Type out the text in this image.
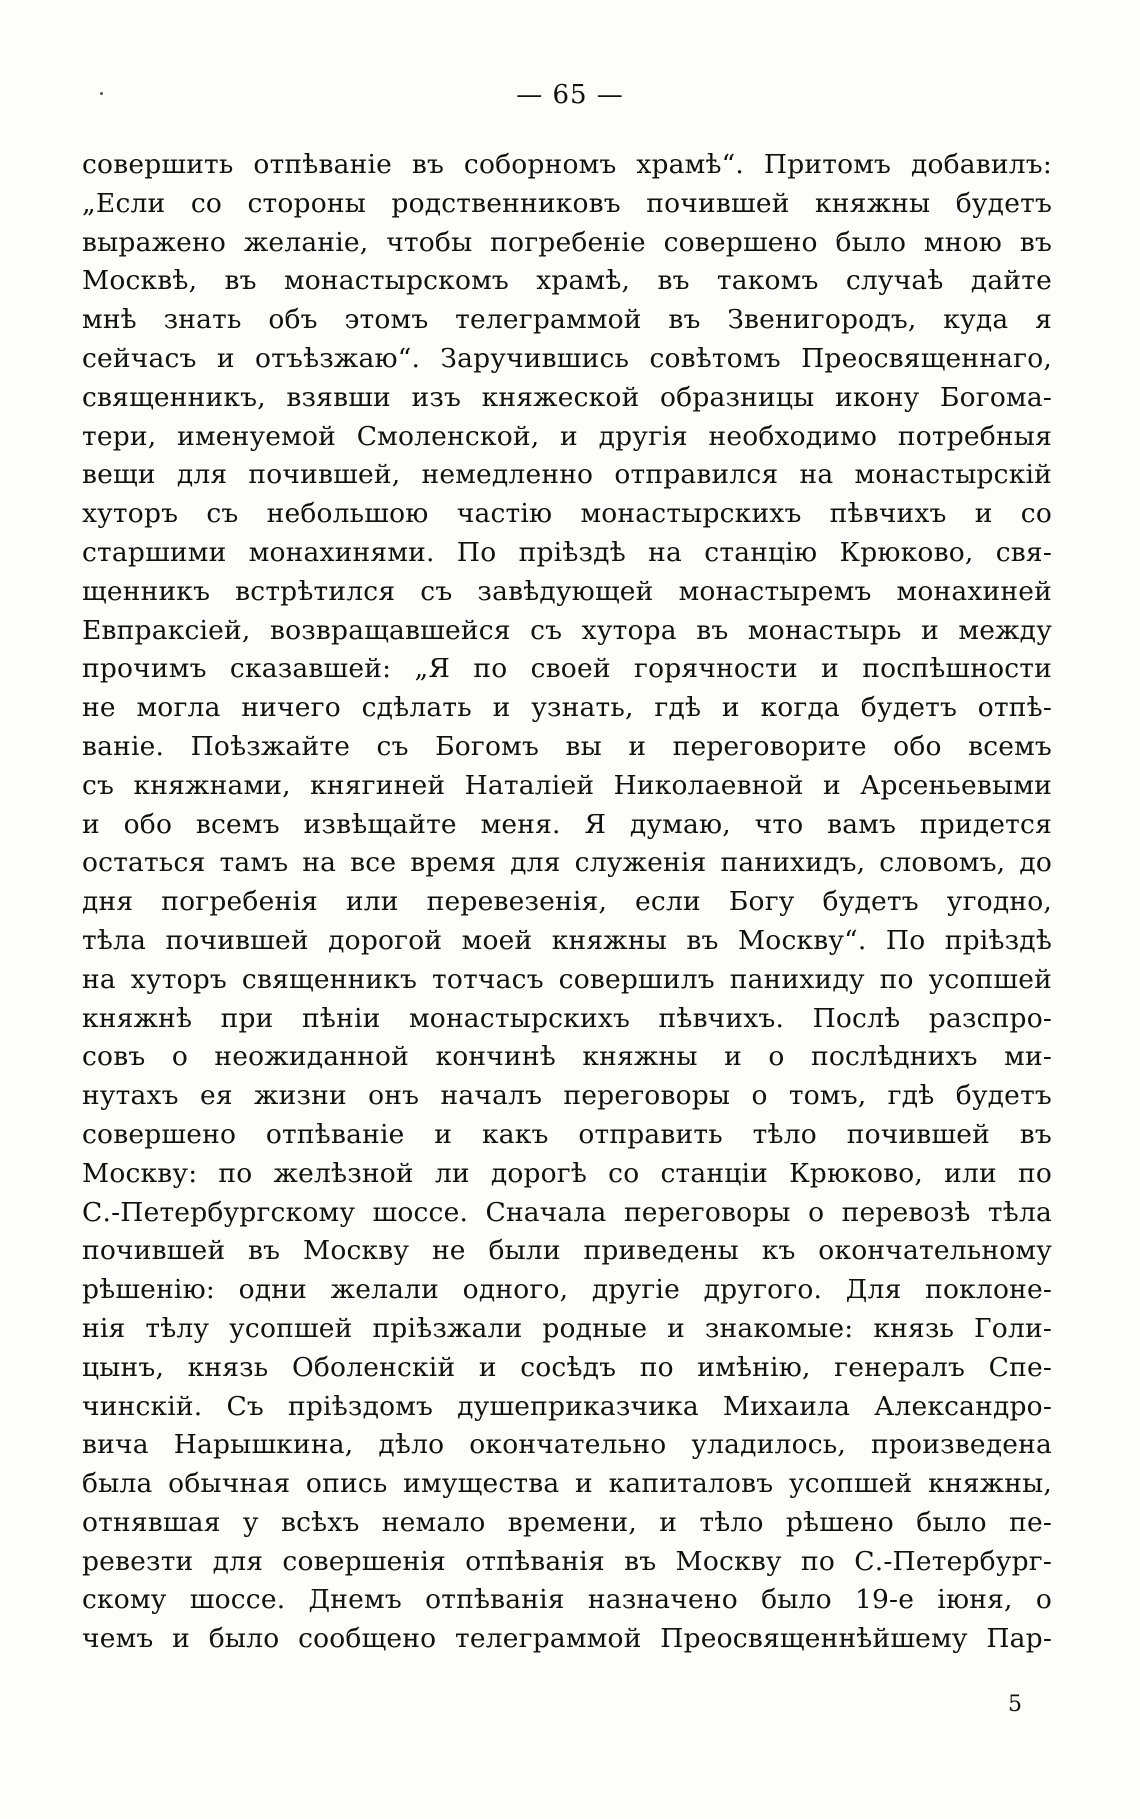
— 65 —
совершить отпѣваніе въ соборномъ храмѣ“. Притомъ добавилъ:
„Если со стороны родственниковъ почившей княжны будетъ
выражено желаніе, чтобы погребеніе совершено было мною въ
Москвѣ, въ монастырскомъ храмѣ, въ такомъ случаѣ дайте
мнѣ знать объ этомъ телеграммой въ Звенигородъ, куда я
сейчасъ и отъѣзжаю“. Заручившись совѣтомъ Преосвященнаго,
священникъ, взявши изъ княжеской образницы икону Богома-
тери, именуемой Смоленской, и другія необходимо потребныя
вещи для почившей, немедленно отправился на монастырскій
хуторъ съ небольшою частію монастырскихъ пѣвчихъ и со
старшими монахинями. По пріѣздѣ на станцію Крюково, свя-
щенникъ встрѣтился съ завѣдующей монастыремъ монахиней
Евпраксіей, возвращавшейся съ хутора въ монастырь и между
прочимъ сказавшей: „Я по своей горячности и поспѣшности
не могла ничего сдѣлать и узнать, гдѣ и когда будетъ отпѣ-
ваніе. Поѣзжайте съ Богомъ вы и переговорите обо всемъ
съ княжнами, княгиней Наталіей Николаевной и Арсеньевыми
и обо всемъ извѣщайте меня. Я думаю, что вамъ придется
остаться тамъ на все время для служенія панихидъ, словомъ, до
дня погребенія или перевезенія, если Богу будетъ угодно,
тѣла почившей дорогой моей княжны въ Москву“. По пріѣздѣ
на хуторъ священникъ тотчасъ совершилъ панихиду по усопшей
княжнѣ при пѣніи монастырскихъ пѣвчихъ. Послѣ разспро-
совъ о неожиданной кончинѣ княжны и о послѣднихъ ми-
нутахъ ея жизни онъ началъ переговоры о томъ, гдѣ будетъ
совершено отпѣваніе и какъ отправить тѣло почившей въ
Москву: по желѣзной ли дорогѣ со станціи Крюково, или по
С.-Петербургскому шоссе. Сначала переговоры о перевозѣ тѣла
почившей въ Москву не были приведены къ окончательному
рѣшенію: одни желали одного, другіе другого. Для поклоне-
нія тѣлу усопшей пріѣзжали родные и знакомые: князь Голи-
цынъ, князь Оболенскій и сосѣдъ по имѣнію, генералъ Спе-
чинскій. Съ пріѣздомъ душеприказчика Михаила Александро-
вича Нарышкина, дѣло окончательно уладилось, произведена
была обычная опись имущества и капиталовъ усопшей княжны,
отнявшая у всѣхъ немало времени, и тѣло рѣшено было пе-
ревезти для совершенія отпѣванія въ Москву по С.-Петербург-
скому шоссе. Днемъ отпѣванія назначено было 19-е іюня, о
чемъ и было сообщено телеграммой Преосвященнѣйшему Пар-
5
